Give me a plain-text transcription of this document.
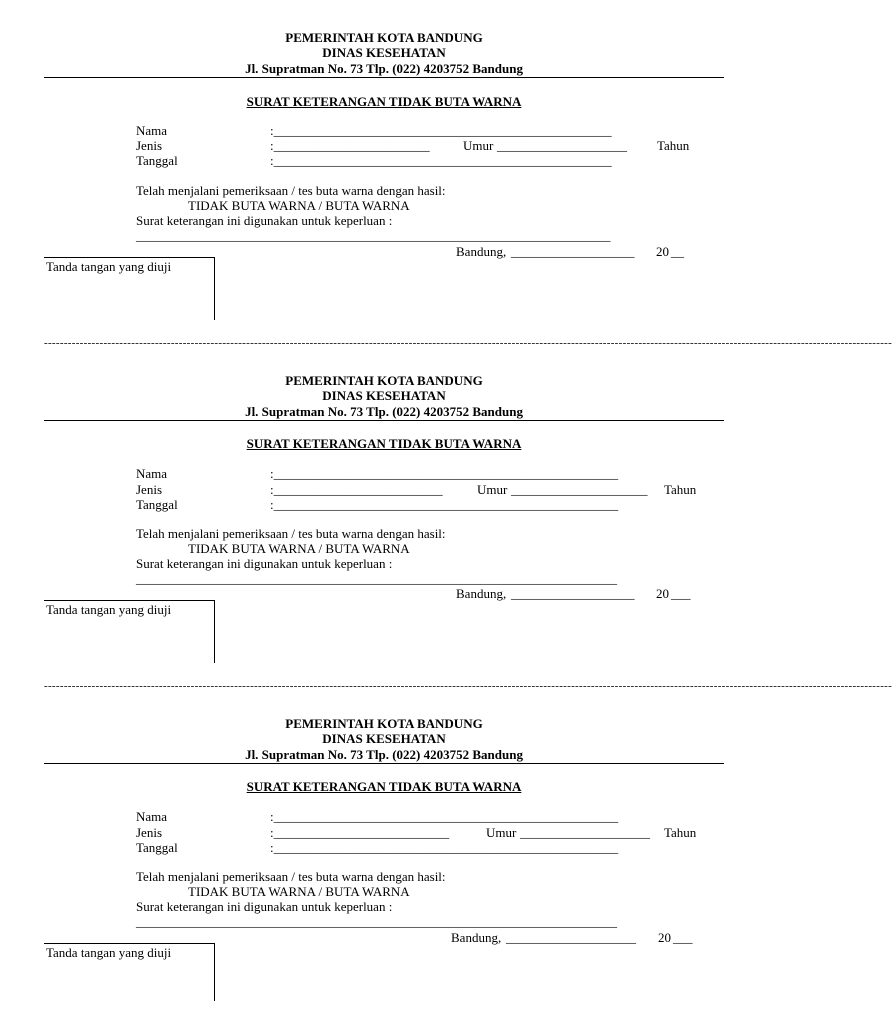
PEMERINTAH KOTA BANDUNG
DINAS KESEHATAN
Jl. Supratman No. 73 Tlp. (022) 4203752 Bandung
SURAT KETERANGAN TIDAK BUTA WARNA
Nama	:____________________________________________________
Jenis	:________________________	Umur ____________________ Tahun
Tanggal	:____________________________________________________
Telah menjalani pemeriksaan / tes buta warna dengan hasil:
TIDAK BUTA WARNA / BUTA WARNA
Surat keterangan ini digunakan untuk keperluan :
_________________________________________________________________________
Bandung, ___________________ 20 __
Tanda tangan yang diuji
----------------------------------------------------------------------------------------------------------------------------------------------------------------------------------------------------------------------
PEMERINTAH KOTA BANDUNG
DINAS KESEHATAN
Jl. Supratman No. 73 Tlp. (022) 4203752 Bandung
SURAT KETERANGAN TIDAK BUTA WARNA
Nama	:_____________________________________________________
Jenis	:__________________________	Umur _____________________ Tahun
Tanggal	:_____________________________________________________
Telah menjalani pemeriksaan / tes buta warna dengan hasil:
TIDAK BUTA WARNA / BUTA WARNA
Surat keterangan ini digunakan untuk keperluan :
__________________________________________________________________________
Bandung, ___________________ 20 ___
Tanda tangan yang diuji
----------------------------------------------------------------------------------------------------------------------------------------------------------------------------------------------------------------------
PEMERINTAH KOTA BANDUNG
DINAS KESEHATAN
Jl. Supratman No. 73 Tlp. (022) 4203752 Bandung
SURAT KETERANGAN TIDAK BUTA WARNA
Nama	:_____________________________________________________
Jenis	:___________________________	Umur ____________________ Tahun
Tanggal	:_____________________________________________________
Telah menjalani pemeriksaan / tes buta warna dengan hasil:
TIDAK BUTA WARNA / BUTA WARNA
Surat keterangan ini digunakan untuk keperluan :
__________________________________________________________________________
Bandung, ____________________ 20 ___
Tanda tangan yang diuji
